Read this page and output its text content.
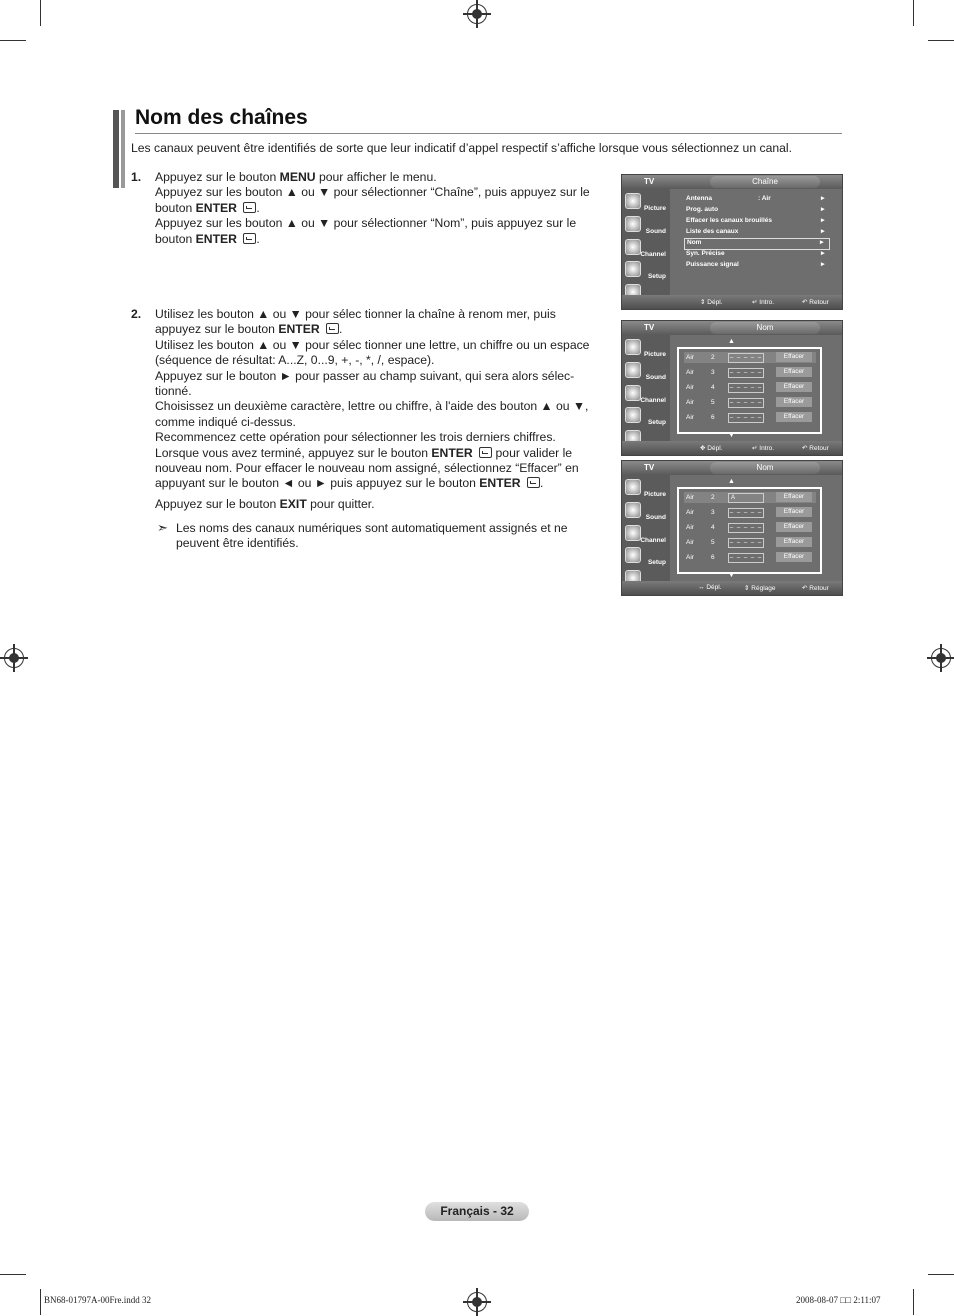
Nom des chaînes
Les canaux peuvent être identifiés de sorte que leur indicatif d’appel respectif s’affiche lorsque vous sélectionnez un canal.
1. Appuyez sur le bouton MENU pour afficher le menu.
Appuyez sur les bouton ▲ ou ▼ pour sélectionner “Chaîne”, puis appuyez sur le
bouton ENTER .
Appuyez sur les bouton ▲ ou ▼ pour sélectionner “Nom”, puis appuyez sur le
bouton ENTER .
2. Utilisez les bouton ▲ ou ▼ pour sélec tionner la chaîne à renom mer, puis
appuyez sur le bouton ENTER .
Utilisez les bouton ▲ ou ▼ pour sélec tionner une lettre, un chiffre ou un espace
(séquence de résultat: A...Z, 0...9, +, -, *, /, espace).
Appuyez sur le bouton ► pour passer au champ suivant, qui sera alors sélec-
tionné.
Choisissez un deuxième caractère, lettre ou chiffre, à l'aide des bouton ▲ ou ▼,
comme indiqué ci-dessus.
Recommencez cette opération pour sélectionner les trois derniers chiffres.
Lorsque vous avez terminé, appuyez sur le bouton ENTER  pour valider le
nouveau nom. Pour effacer le nouveau nom assigné, sélectionnez “Effacer” en
appuyant sur le bouton ◄ ou ► puis appuyez sur le bouton ENTER .
Appuyez sur le bouton EXIT pour quitter.
➣ Les noms des canaux numériques sont automatiquement assignés et ne
peuvent être identifiés.
TV	Chaîne
Picture
Sound
Channel
Setup
Antenna	: Air	►
Prog. auto	►
Effacer les canaux brouillés	►
Liste des canaux	►
Nom	►
Syn. Précise	►
Puissance signal	►
⇕ Dépl.	↵ Intro.	↶ Retour
TV	Nom
Picture
Sound
Channel
Setup
▲
Air	2	– – – – –	Effacer
Air	3	– – – – –	Effacer
Air	4	– – – – –	Effacer
Air	5	– – – – –	Effacer
Air	6	– – – – –	Effacer
▼
✥ Dépl.	↵ Intro.	↶ Retour
TV	Nom
Picture
Sound
Channel
Setup
▲
Air	2	A	Effacer
Air	3	– – – – –	Effacer
Air	4	– – – – –	Effacer
Air	5	– – – – –	Effacer
Air	6	– – – – –	Effacer
▼
↔ Dépl.	⇕ Réglage	↶ Retour
Français - 32
BN68-01797A-00Fre.indd 32	2008-08-07 □□ 2:11:07
